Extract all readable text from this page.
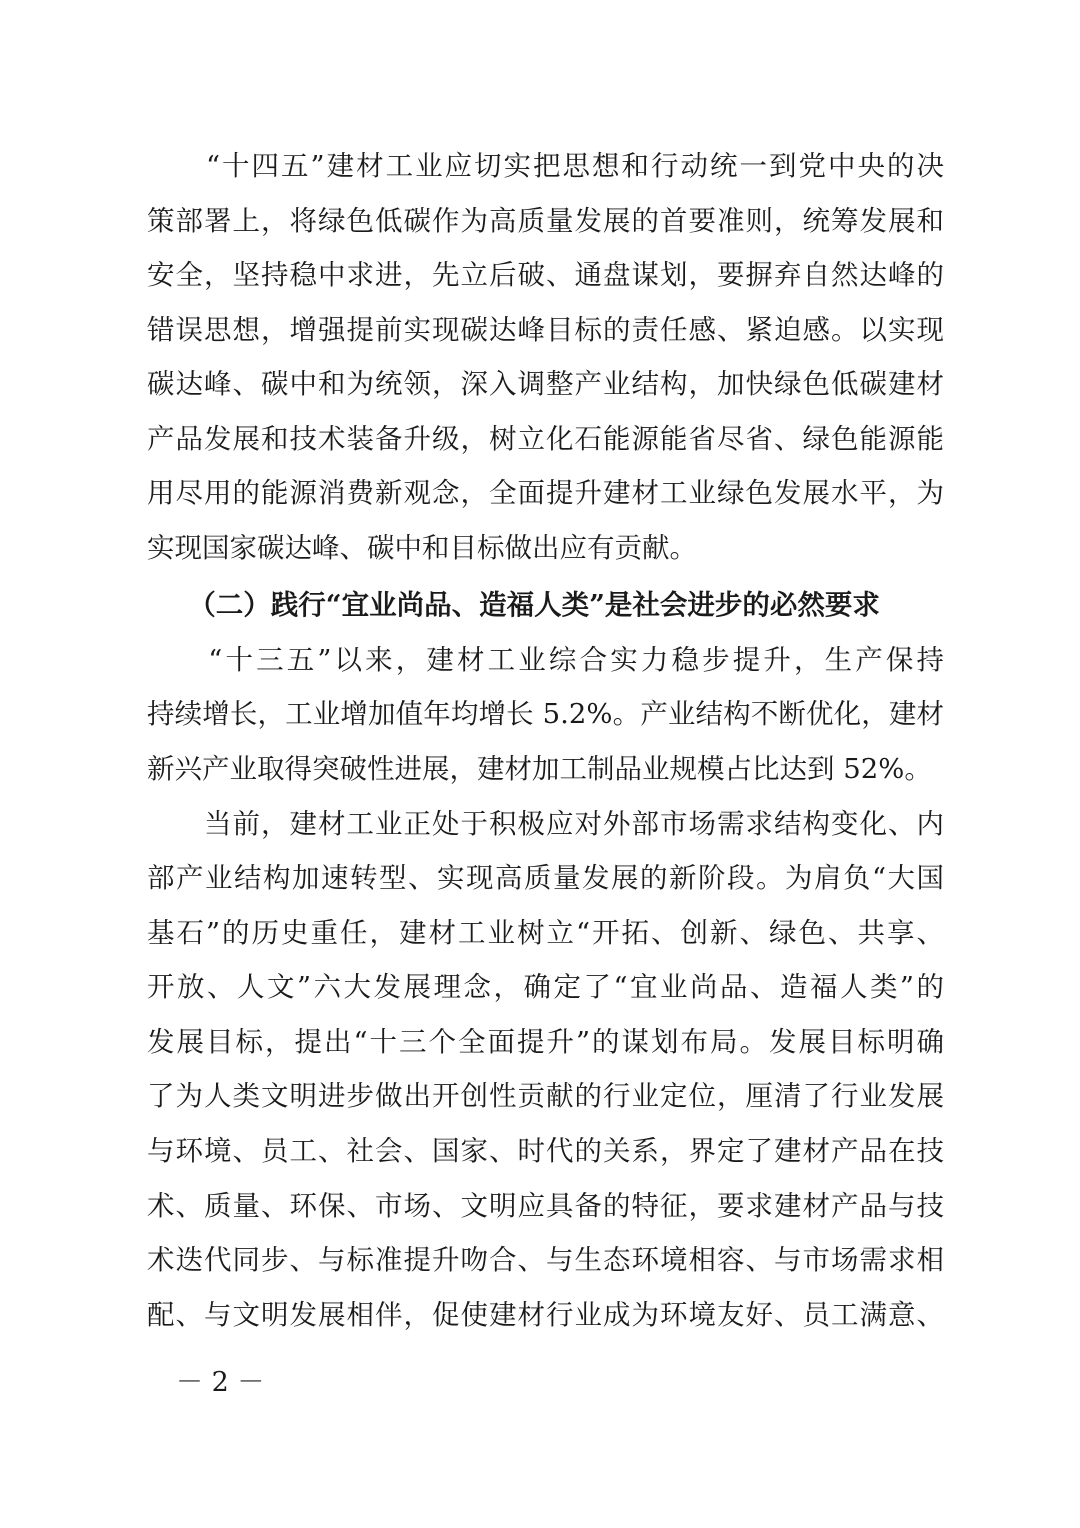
　　“十四五”建材工业应切实把思想和行动统一到党中央的决
策部署上，将绿色低碳作为高质量发展的首要准则，统筹发展和
安全，坚持稳中求进，先立后破、通盘谋划，要摒弃自然达峰的
错误思想，增强提前实现碳达峰目标的责任感、紧迫感。以实现
碳达峰、碳中和为统领，深入调整产业结构，加快绿色低碳建材
产品发展和技术装备升级，树立化石能源能省尽省、绿色能源能
用尽用的能源消费新观念，全面提升建材工业绿色发展水平，为
实现国家碳达峰、碳中和目标做出应有贡献。
　　（二）践行“宜业尚品、造福人类”是社会进步的必然要求
　　“十三五”以来，建材工业综合实力稳步提升，生产保持
持续增长，工业增加值年均增长 5.2%。产业结构不断优化，建材
新兴产业取得突破性进展，建材加工制品业规模占比达到 52%。
　　当前，建材工业正处于积极应对外部市场需求结构变化、内
部产业结构加速转型、实现高质量发展的新阶段。为肩负“大国
基石”的历史重任，建材工业树立“开拓、创新、绿色、共享、
开放、人文”六大发展理念，确定了“宜业尚品、造福人类”的
发展目标，提出“十三个全面提升”的谋划布局。发展目标明确
了为人类文明进步做出开创性贡献的行业定位，厘清了行业发展
与环境、员工、社会、国家、时代的关系，界定了建材产品在技
术、质量、环保、市场、文明应具备的特征，要求建材产品与技
术迭代同步、与标准提升吻合、与生态环境相容、与市场需求相
配、与文明发展相伴，促使建材行业成为环境友好、员工满意、
－ 2 －
